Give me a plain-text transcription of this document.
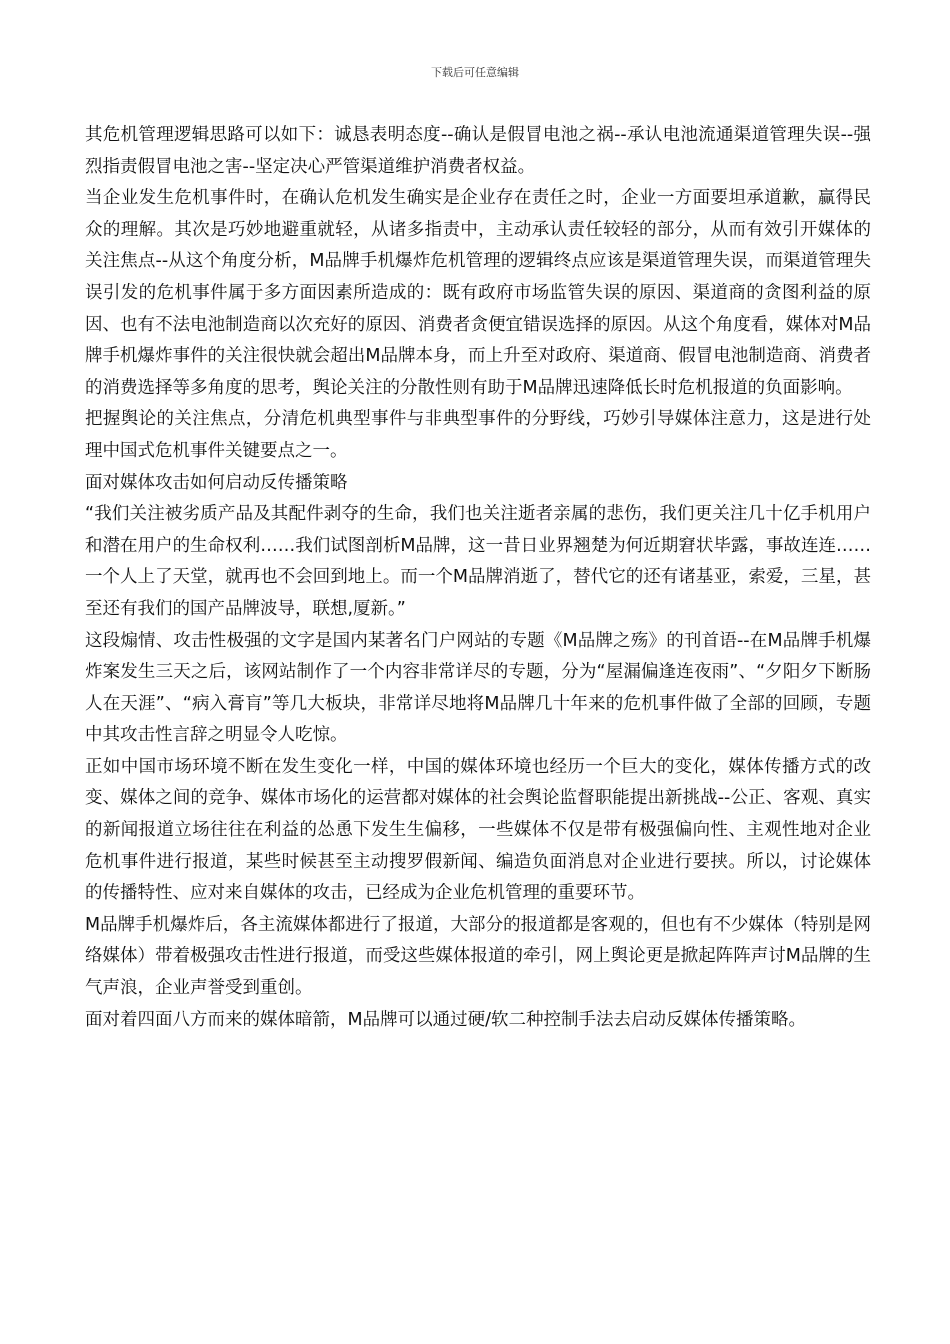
下载后可任意编辑

其危机管理逻辑思路可以如下：诚恳表明态度--确认是假冒电池之祸--承认电池流通渠道管理失误--强烈指责假冒电池之害--坚定决心严管渠道维护消费者权益。

当企业发生危机事件时，在确认危机发生确实是企业存在责任之时，企业一方面要坦承道歉，赢得民众的理解。其次是巧妙地避重就轻，从诸多指责中，主动承认责任较轻的部分，从而有效引开媒体的关注焦点--从这个角度分析，M品牌手机爆炸危机管理的逻辑终点应该是渠道管理失误，而渠道管理失误引发的危机事件属于多方面因素所造成的：既有政府市场监管失误的原因、渠道商的贪图利益的原因、也有不法电池制造商以次充好的原因、消费者贪便宜错误选择的原因。从这个角度看，媒体对M品牌手机爆炸事件的关注很快就会超出M品牌本身，而上升至对政府、渠道商、假冒电池制造商、消费者的消费选择等多角度的思考，舆论关注的分散性则有助于M品牌迅速降低长时危机报道的负面影响。

把握舆论的关注焦点，分清危机典型事件与非典型事件的分野线，巧妙引导媒体注意力，这是进行处理中国式危机事件关键要点之一。

面对媒体攻击如何启动反传播策略

“我们关注被劣质产品及其配件剥夺的生命，我们也关注逝者亲属的悲伤，我们更关注几十亿手机用户和潜在用户的生命权利……我们试图剖析M品牌，这一昔日业界翘楚为何近期窘状毕露，事故连连……一个人上了天堂，就再也不会回到地上。而一个M品牌消逝了，替代它的还有诸基亚，索爱，三星，甚至还有我们的国产品牌波导，联想,厦新。”

这段煽情、攻击性极强的文字是国内某著名门户网站的专题《M品牌之殇》的刊首语--在M品牌手机爆炸案发生三天之后，该网站制作了一个内容非常详尽的专题，分为“屋漏偏逢连夜雨”、“夕阳夕下断肠人在天涯”、“病入膏肓”等几大板块，非常详尽地将M品牌几十年来的危机事件做了全部的回顾，专题中其攻击性言辞之明显令人吃惊。

正如中国市场环境不断在发生变化一样，中国的媒体环境也经历一个巨大的变化，媒体传播方式的改变、媒体之间的竞争、媒体市场化的运营都对媒体的社会舆论监督职能提出新挑战--公正、客观、真实的新闻报道立场往往在利益的怂恿下发生生偏移，一些媒体不仅是带有极强偏向性、主观性地对企业危机事件进行报道，某些时候甚至主动搜罗假新闻、编造负面消息对企业进行要挟。所以，讨论媒体的传播特性、应对来自媒体的攻击，已经成为企业危机管理的重要环节。

M品牌手机爆炸后，各主流媒体都进行了报道，大部分的报道都是客观的，但也有不少媒体（特别是网络媒体）带着极强攻击性进行报道，而受这些媒体报道的牵引，网上舆论更是掀起阵阵声讨M品牌的生气声浪，企业声誉受到重创。

面对着四面八方而来的媒体暗箭，M品牌可以通过硬/软二种控制手法去启动反媒体传播策略。
